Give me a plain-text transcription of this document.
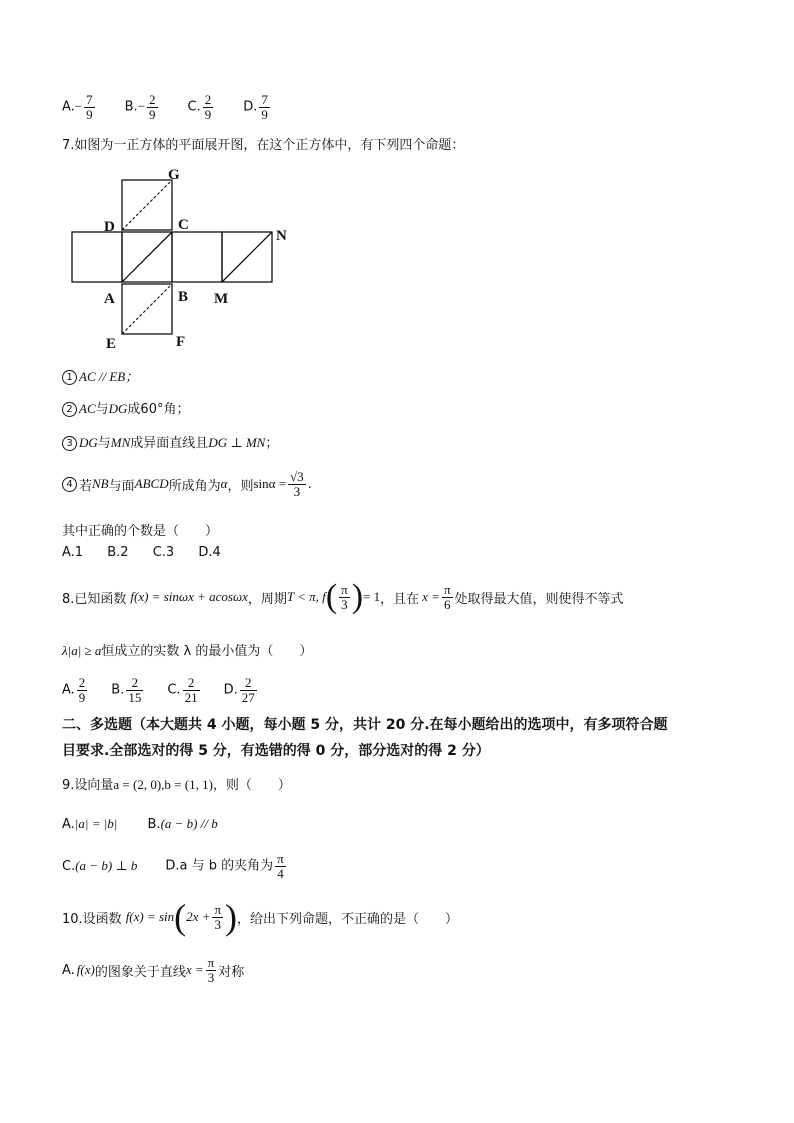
$A.- \frac{7}{9} B.- \frac{2}{9} C$. $\frac{2}{9} D$. $\frac{7}{9}$
7.如图为一正方体的平面展开图，在这个正方体中，有下列四个命题：
G
D	C
N
A	B M
E	F
1 AC // EB；
2 AC与DG成60°角；
3 DG与MN成异面直线且DG ⊥ MN；
4 若 NB 与面 ABCD 所成角为 α ，则 $\sin\alpha = \frac{√3}{3}$ .
其中正确的个数是（　　）
A.1 B.2 C.3 D.4
8.已知函数 f(x) = sinωx + acosωx ，周期 T < π, f ( $\frac{\pi}{3}$ ) = 1 ，且在 $x = \frac{\pi}{6}$ 处取得最大值，则使得不等式
λ|a| ≥ a恒成立的实数 λ 的最小值为（　　）
A. $\frac{2}{9} B$. $\frac{2}{15} C$. $\frac{2}{21} D$. $\frac{2}{27}$
二、多选题（本大题共 4 小题，每小题 5 分，共计 20 分.在每小题给出的选项中，有多项符合题
目要求.全部选对的得 5 分，有选错的得 0 分，部分选对的得 2 分）
9.设向量a = (2, 0),b = (1, 1)，则（　　）
A.|a| = |b| B.(a − b) // b
C.(a − b) ⊥ b D.a 与 b 的夹角为 $\frac{\pi}{4}$
10.设函数 f(x) = sin ( $2x + \frac{\pi}{3}$ ) ，给出下列命题，不正确的是（　　）
A. f(x) 的图象关于直线 $x = \frac{\pi}{3}$ 对称
